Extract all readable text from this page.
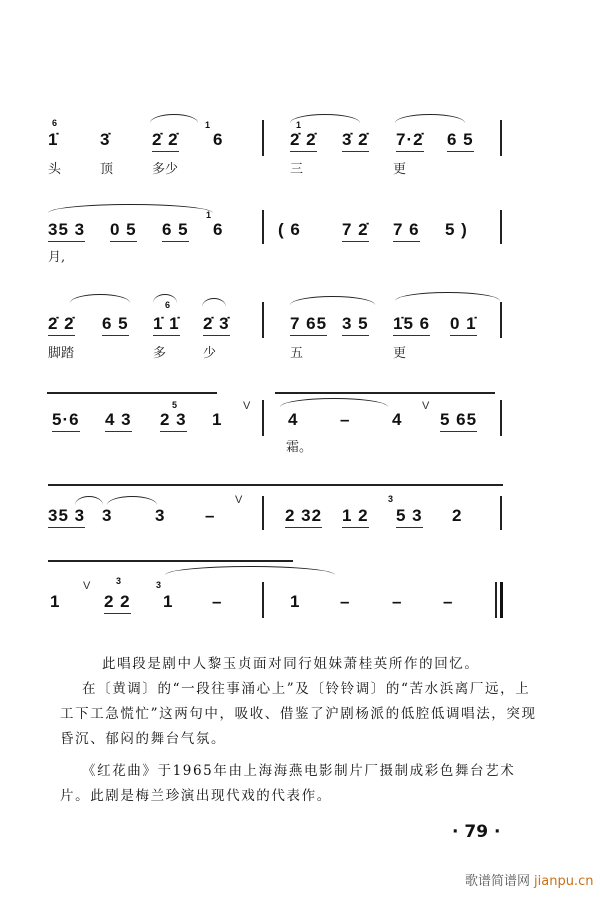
6	1	1
1̇ 3̇ 2̇ 2̇ 6	2̇ 2̇ 3̇ 2̇ 7·2̇ 6 5
头	顶	多少	三	更
1
35 3 0 5 6 5 6	( 6 7 2̇ 7 6 5 )
月,
6
2̇ 2̇ 6 5 1̇ 1̇ 2̇ 3̇	7 65 3 5 1̇5 6 0 1̇
脚踏	多	少	五	更
5	V	V
5·6 4 3 2 3 1	4 – 4 5 65
霜。
3
V
35 3 3	3 –	2 32 1 2 5 3 2
3	3
V
1	2 2 1 –	1 – – –
此唱段是剧中人黎玉贞面对同行姐妹萧桂英所作的回忆。
在〔黄调〕的“一段往事涌心上”及〔铃铃调〕的“苦水浜离厂远，上工下工急慌忙”这两句中，吸收、借鉴了沪剧杨派的低腔低调唱法，突现昏沉、郁闷的舞台气氛。
《红花曲》于1965年由上海海燕电影制片厂摄制成彩色舞台艺术片。此剧是梅兰珍演出现代戏的代表作。
· 79 ·
歌谱简谱网 jianpu.cn
